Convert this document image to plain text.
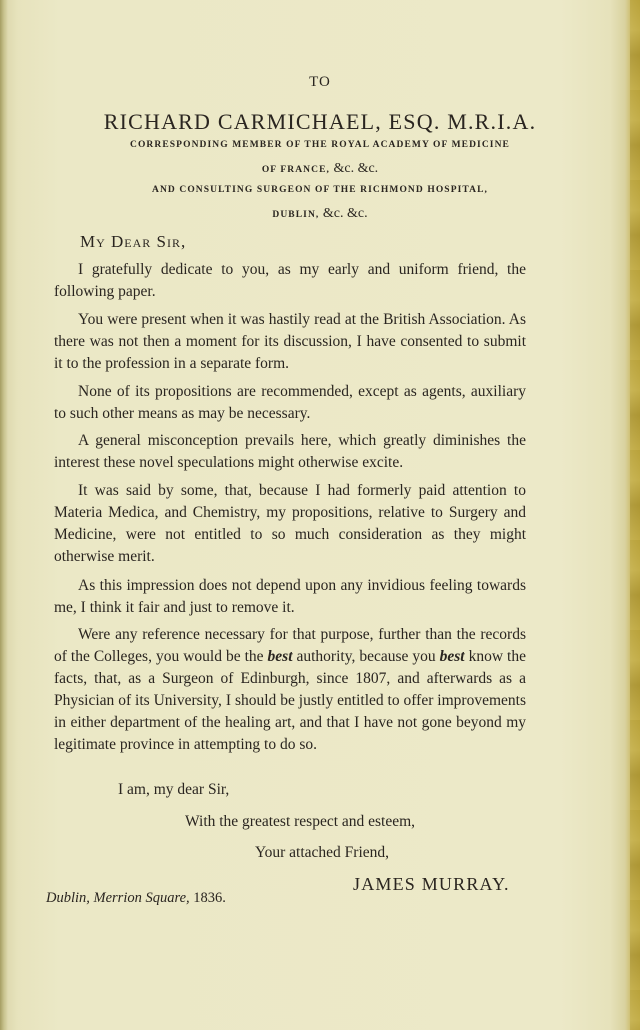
TO
RICHARD CARMICHAEL, ESQ. M.R.I.A.
CORRESPONDING MEMBER OF THE ROYAL ACADEMY OF MEDICINE
OF FRANCE, &c. &c.
AND CONSULTING SURGEON OF THE RICHMOND HOSPITAL,
DUBLIN, &c. &c.
My Dear Sir,
I gratefully dedicate to you, as my early and uniform friend, the following paper.
You were present when it was hastily read at the British Association. As there was not then a moment for its discussion, I have consented to submit it to the profession in a separate form.
None of its propositions are recommended, except as agents, auxiliary to such other means as may be necessary.
A general misconception prevails here, which greatly diminishes the interest these novel speculations might otherwise excite.
It was said by some, that, because I had formerly paid attention to Materia Medica, and Chemistry, my propositions, relative to Surgery and Medicine, were not entitled to so much consideration as they might otherwise merit.
As this impression does not depend upon any invidious feeling towards me, I think it fair and just to remove it.
Were any reference necessary for that purpose, further than the records of the Colleges, you would be the best authority, because you best know the facts, that, as a Surgeon of Edinburgh, since 1807, and afterwards as a Physician of its University, I should be justly entitled to offer improvements in either department of the healing art, and that I have not gone beyond my legitimate province in attempting to do so.
I am, my dear Sir,
With the greatest respect and esteem,
Your attached Friend,
JAMES MURRAY.
Dublin, Merrion Square, 1836.
